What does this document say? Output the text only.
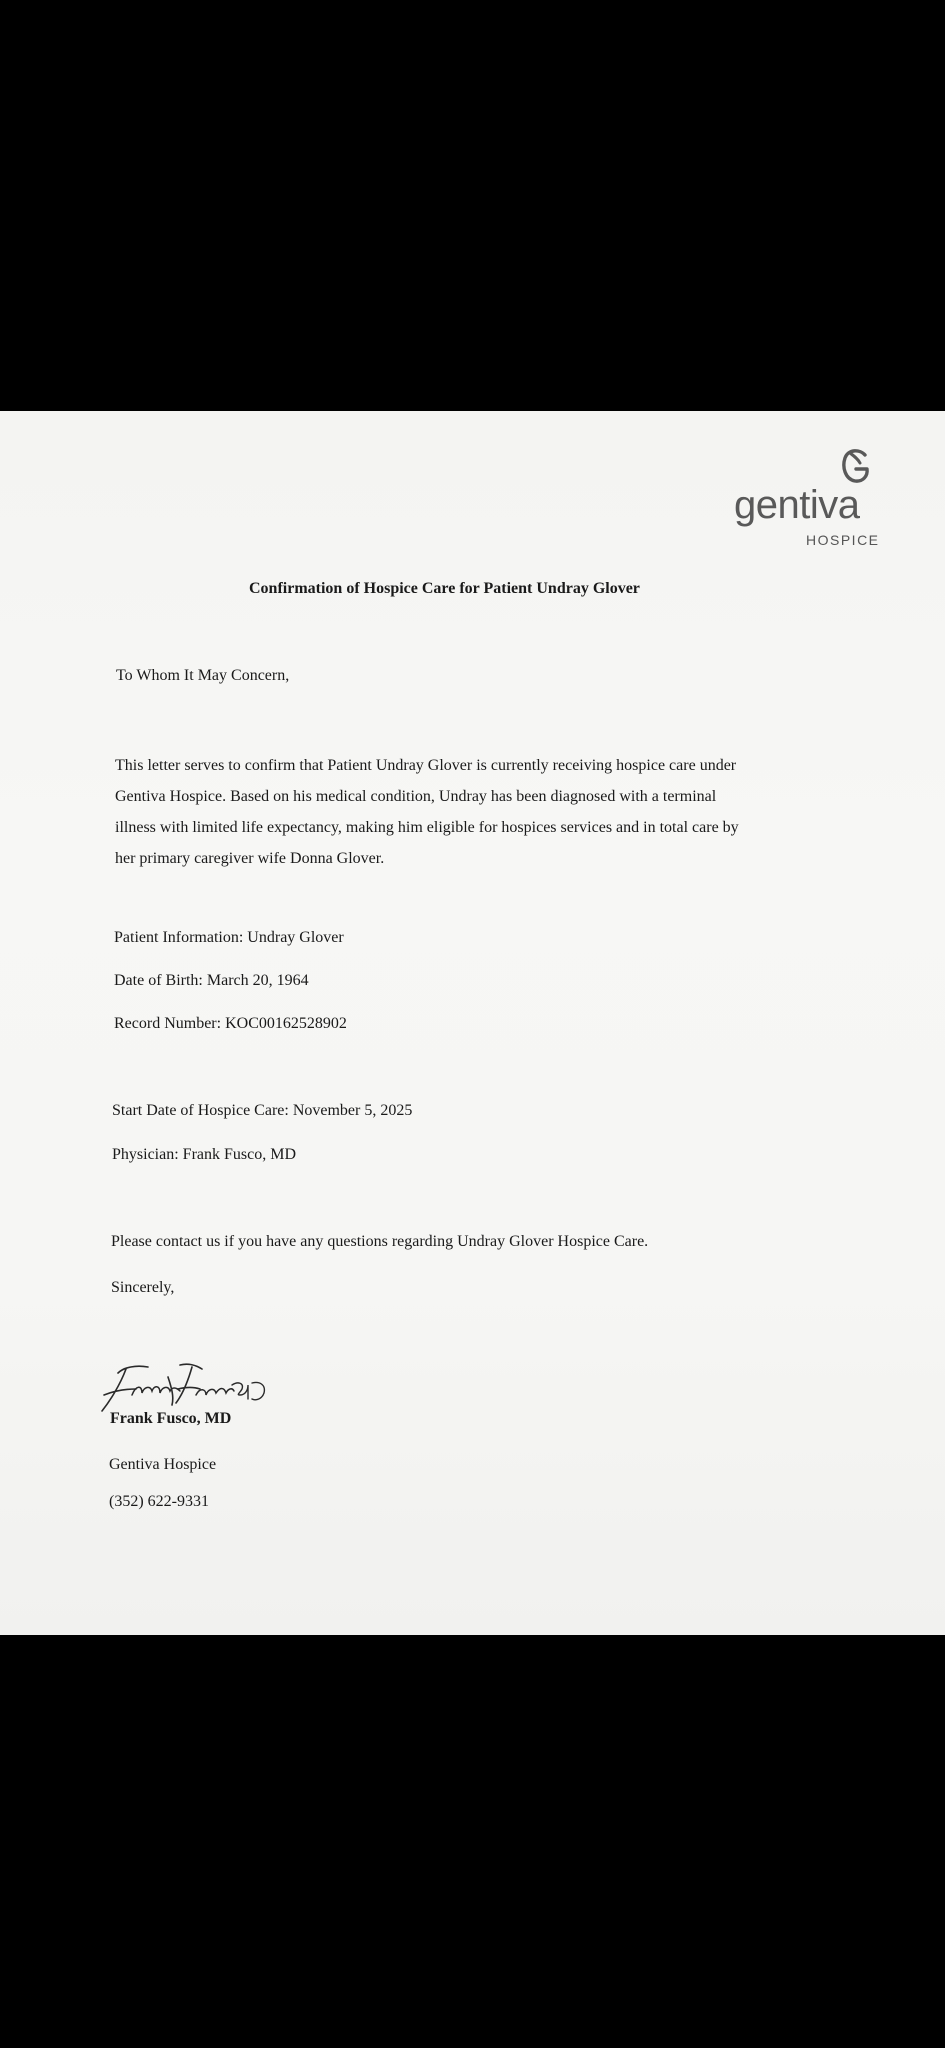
gentiva
HOSPICE
Confirmation of Hospice Care for Patient Undray Glover
To Whom It May Concern,
This letter serves to confirm that Patient Undray Glover is currently receiving hospice care under
Gentiva Hospice. Based on his medical condition, Undray has been diagnosed with a terminal
illness with limited life expectancy, making him eligible for hospices services and in total care by
her primary caregiver wife Donna Glover.
Patient Information: Undray Glover
Date of Birth: March 20, 1964
Record Number: KOC00162528902
Start Date of Hospice Care: November 5, 2025
Physician: Frank Fusco, MD
Please contact us if you have any questions regarding Undray Glover Hospice Care.
Sincerely,
Frank Fusco, MD
Gentiva Hospice
(352) 622-9331
